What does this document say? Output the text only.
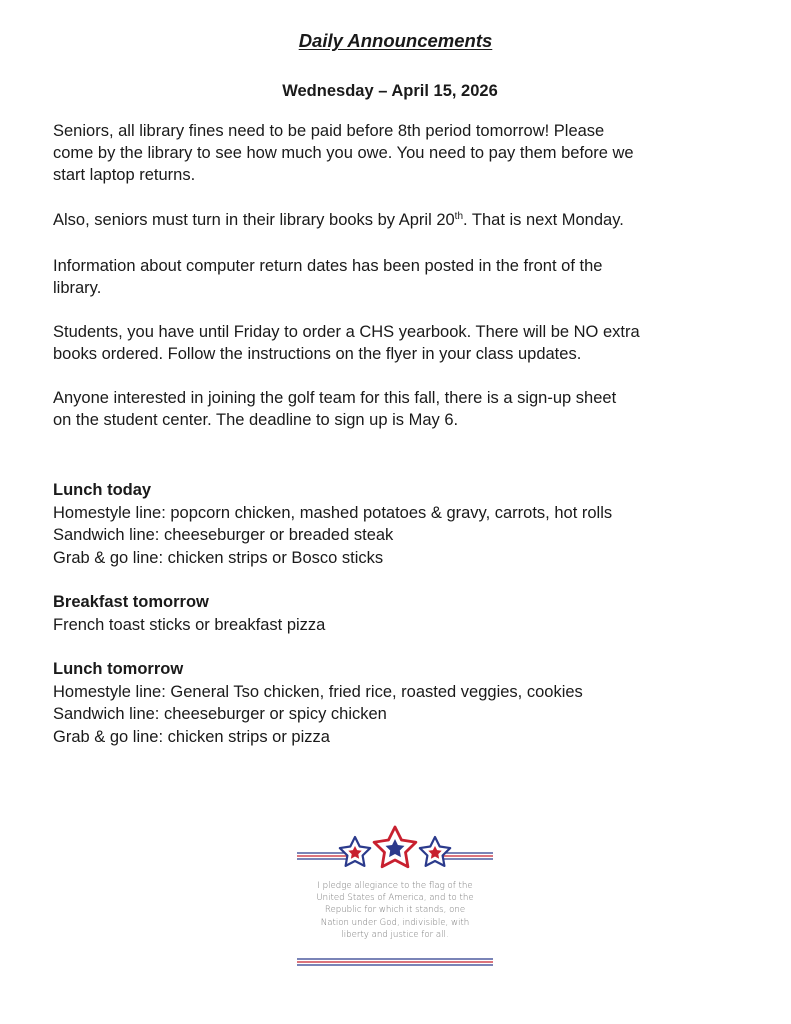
Daily Announcements
Wednesday – April 15, 2026
Seniors, all library fines need to be paid before 8th period tomorrow! Please
come by the library to see how much you owe. You need to pay them before we
start laptop returns.
Also, seniors must turn in their library books by April 20th. That is next Monday.
Information about computer return dates has been posted in the front of the
library.
Students, you have until Friday to order a CHS yearbook. There will be NO extra
books ordered. Follow the instructions on the flyer in your class updates.
Anyone interested in joining the golf team for this fall, there is a sign-up sheet
on the student center. The deadline to sign up is May 6.
Lunch today
Homestyle line: popcorn chicken, mashed potatoes & gravy, carrots, hot rolls
Sandwich line: cheeseburger or breaded steak
Grab & go line: chicken strips or Bosco sticks
Breakfast tomorrow
French toast sticks or breakfast pizza
Lunch tomorrow
Homestyle line: General Tso chicken, fried rice, roasted veggies, cookies
Sandwich line: cheeseburger or spicy chicken
Grab & go line: chicken strips or pizza
I pledge allegiance to the flag of the
United States of America, and to the
Republic for which it stands, one
Nation under God, indivisible, with
liberty and justice for all.
